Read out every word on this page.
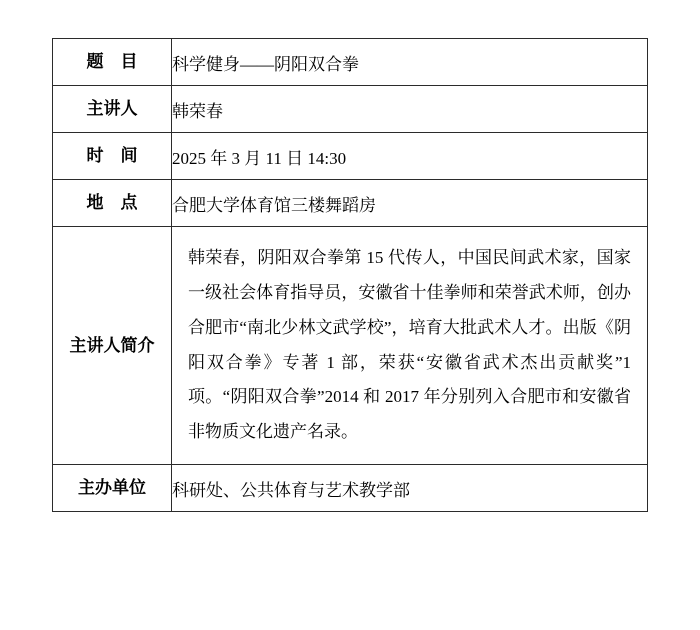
题　目	科学健身——阴阳双合拳

主讲人	韩荣春

时　间	2025 年 3 月 11 日 14:30

地　点	合肥大学体育馆三楼舞蹈房

主讲人简介	韩荣春，阴阳双合拳第 15 代传人，中国民间武术家，国家一级社会体育指导员，安徽省十佳拳师和荣誉武术师，创办合肥市“南北少林文武学校”，培育大批武术人才。出版《阴阳双合拳》专著 1 部，荣获“安徽省武术杰出贡献奖”1 项。“阴阳双合拳”2014 和 2017 年分别列入合肥市和安徽省非物质文化遗产名录。

主办单位	科研处、公共体育与艺术教学部
